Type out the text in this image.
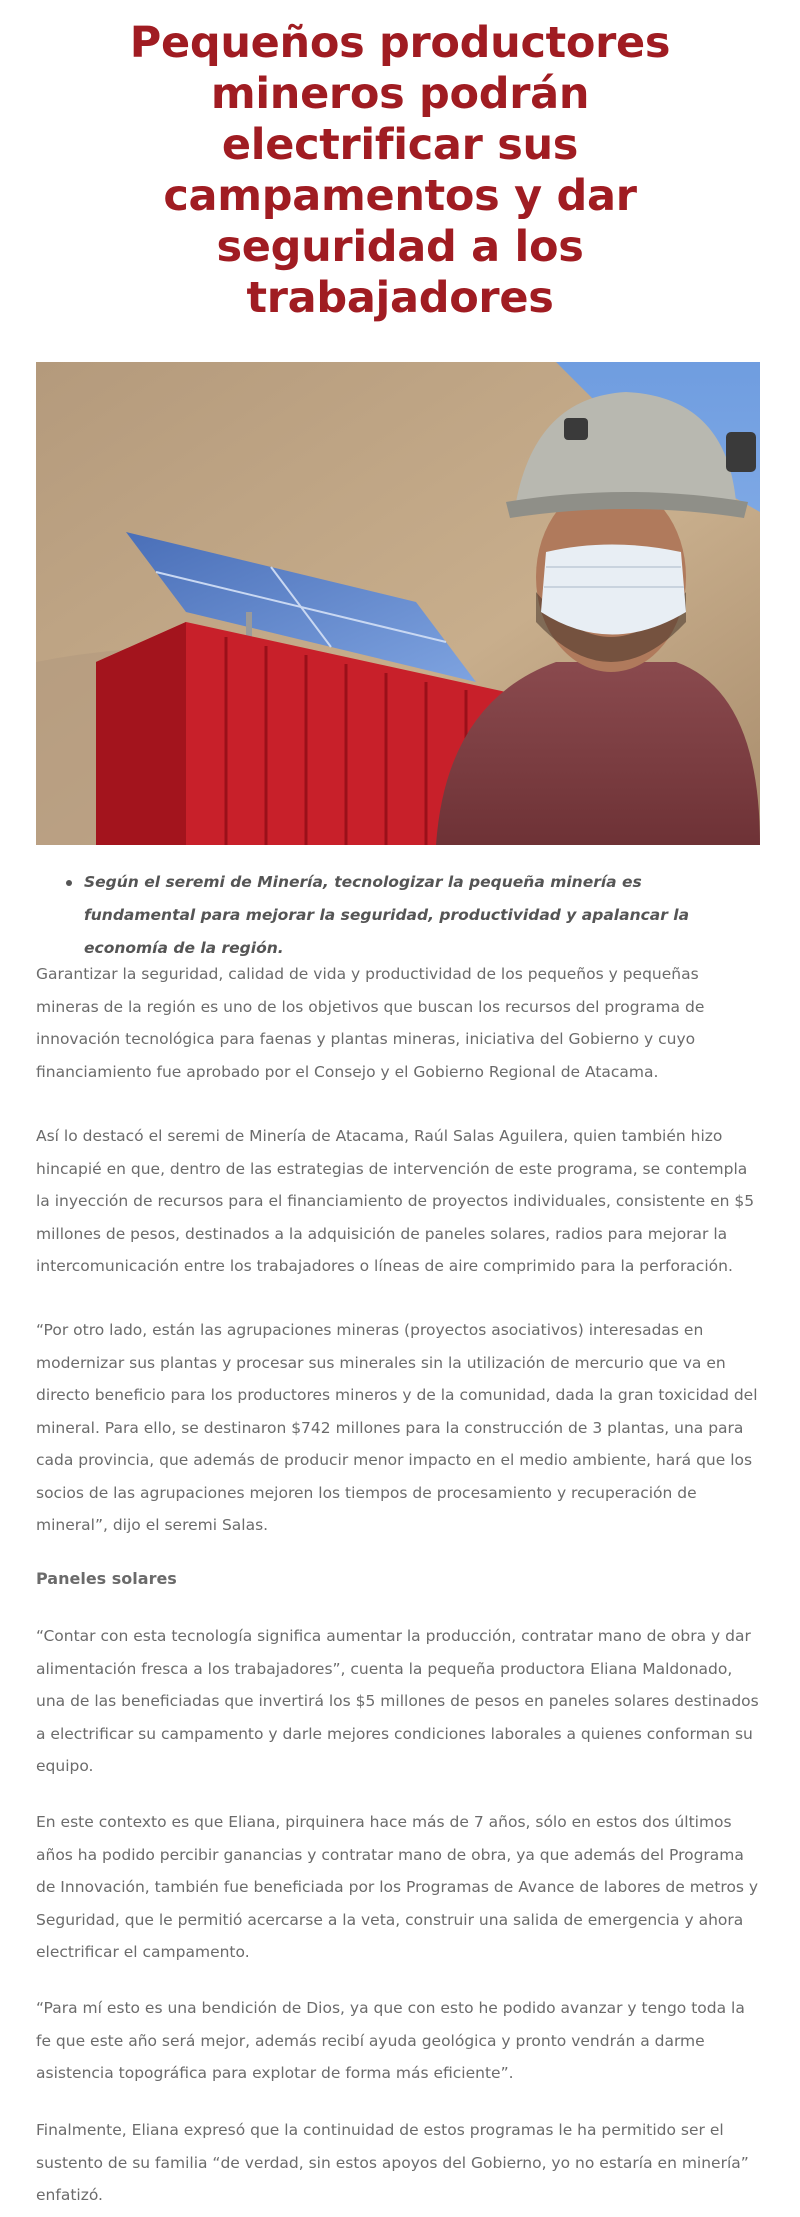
Pequeños productores mineros podrán electrificar sus campamentos y dar seguridad a los trabajadores
Según el seremi de Minería, tecnologizar la pequeña minería es fundamental para mejorar la seguridad, productividad y apalancar la economía de la región.

Garantizar la seguridad, calidad de vida y productividad de los pequeños y pequeñas mineras de la región es uno de los objetivos que buscan los recursos del programa de innovación tecnológica para faenas y plantas mineras, iniciativa del Gobierno y cuyo financiamiento fue aprobado por el Consejo y el Gobierno Regional de Atacama.

Así lo destacó el seremi de Minería de Atacama, Raúl Salas Aguilera, quien también hizo hincapié en que, dentro de las estrategias de intervención de este programa, se contempla la inyección de recursos para el financiamiento de proyectos individuales, consistente en $5 millones de pesos, destinados a la adquisición de paneles solares, radios para mejorar la intercomunicación entre los trabajadores o líneas de aire comprimido para la perforación.

“Por otro lado, están las agrupaciones mineras (proyectos asociativos) interesadas en modernizar sus plantas y procesar sus minerales sin la utilización de mercurio que va en directo beneficio para los productores mineros y de la comunidad, dada la gran toxicidad del mineral. Para ello, se destinaron $742 millones para la construcción de 3 plantas, una para cada provincia, que además de producir menor impacto en el medio ambiente, hará que los socios de las agrupaciones mejoren los tiempos de procesamiento y recuperación de mineral”, dijo el seremi Salas.

Paneles solares

“Contar con esta tecnología significa aumentar la producción, contratar mano de obra y dar alimentación fresca a los trabajadores”, cuenta la pequeña productora Eliana Maldonado, una de las beneficiadas que invertirá los $5 millones de pesos en paneles solares destinados a electrificar su campamento y darle mejores condiciones laborales a quienes conforman su equipo.

En este contexto es que Eliana, pirquinera hace más de 7 años, sólo en estos dos últimos años ha podido percibir ganancias y contratar mano de obra, ya que además del Programa de Innovación, también fue beneficiada por los Programas de Avance de labores de metros y Seguridad, que le permitió acercarse a la veta, construir una salida de emergencia y ahora electrificar el campamento.

“Para mí esto es una bendición de Dios, ya que con esto he podido avanzar y tengo toda la fe que este año será mejor, además recibí ayuda geológica y pronto vendrán a darme asistencia topográfica para explotar de forma más eficiente”.

Finalmente, Eliana expresó que la continuidad de estos programas le ha permitido ser el sustento de su familia “de verdad, sin estos apoyos del Gobierno, yo no estaría en minería” enfatizó.
